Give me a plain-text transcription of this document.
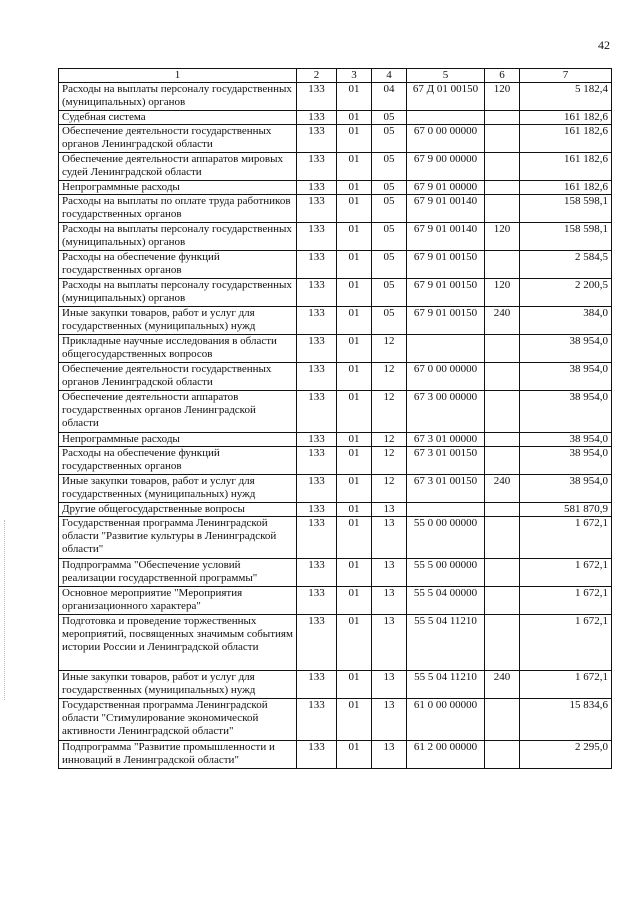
42
1	2	3	4	5	6	7
Расходы на выплаты персоналу государственных (муниципальных) органов	133	01	04	67 Д 01 00150	120	5 182,4
Судебная система	133	01	05			161 182,6
Обеспечение деятельности государственных органов Ленинградской области	133	01	05	67 0 00 00000		161 182,6
Обеспечение деятельности аппаратов мировых судей Ленинградской области	133	01	05	67 9 00 00000		161 182,6
Непрограммные расходы	133	01	05	67 9 01 00000		161 182,6
Расходы на выплаты по оплате труда работников государственных органов	133	01	05	67 9 01 00140		158 598,1
Расходы на выплаты персоналу государственных (муниципальных) органов	133	01	05	67 9 01 00140	120	158 598,1
Расходы на обеспечение функций государственных органов	133	01	05	67 9 01 00150		2 584,5
Расходы на выплаты персоналу государственных (муниципальных) органов	133	01	05	67 9 01 00150	120	2 200,5
Иные закупки товаров, работ и услуг для государственных (муниципальных) нужд	133	01	05	67 9 01 00150	240	384,0
Прикладные научные исследования в области общегосударственных вопросов	133	01	12			38 954,0
Обеспечение деятельности государственных органов Ленинградской области	133	01	12	67 0 00 00000		38 954,0
Обеспечение деятельности аппаратов государственных органов Ленинградской области	133	01	12	67 3 00 00000		38 954,0
Непрограммные расходы	133	01	12	67 3 01 00000		38 954,0
Расходы на обеспечение функций государственных органов	133	01	12	67 3 01 00150		38 954,0
Иные закупки товаров, работ и услуг для государственных (муниципальных) нужд	133	01	12	67 3 01 00150	240	38 954,0
Другие общегосударственные вопросы	133	01	13			581 870,9
Государственная программа Ленинградской области "Развитие культуры в Ленинградской области"	133	01	13	55 0 00 00000		1 672,1
Подпрограмма "Обеспечение условий реализации государственной программы"	133	01	13	55 5 00 00000		1 672,1
Основное мероприятие "Мероприятия организационного характера"	133	01	13	55 5 04 00000		1 672,1
Подготовка и проведение торжественных мероприятий, посвященных значимым событиям истории России и Ленинградской области	133	01	13	55 5 04 11210		1 672,1
Иные закупки товаров, работ и услуг для государственных (муниципальных) нужд	133	01	13	55 5 04 11210	240	1 672,1
Государственная программа Ленинградской области "Стимулирование экономической активности Ленинградской области"	133	01	13	61 0 00 00000		15 834,6
Подпрограмма "Развитие промышленности и инноваций в Ленинградской области"	133	01	13	61 2 00 00000		2 295,0
